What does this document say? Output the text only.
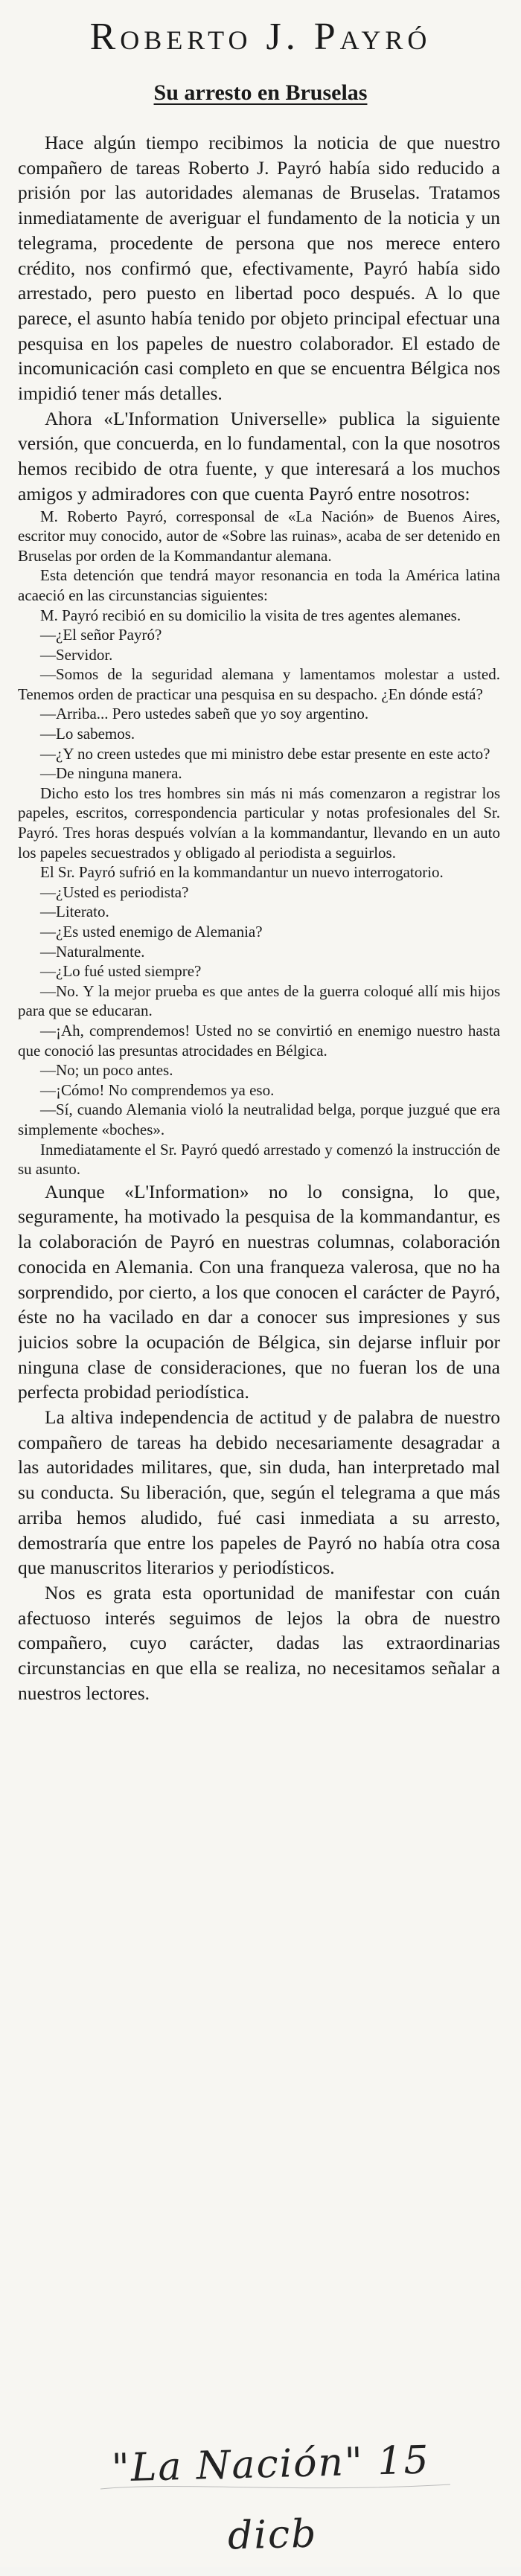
Roberto J. Payró
Su arresto en Bruselas

Hace algún tiempo recibimos la noticia de que nuestro compañero de tareas Roberto J. Payró había sido reducido a prisión por las autoridades alemanas de Bruselas. Tratamos inmediatamente de averiguar el fundamento de la noticia y un telegrama, procedente de persona que nos merece entero crédito, nos confirmó que, efectivamente, Payró había sido arrestado, pero puesto en libertad poco después. A lo que parece, el asunto había tenido por objeto principal efectuar una pesquisa en los papeles de nuestro colaborador. El estado de incomunicación casi completo en que se encuentra Bélgica nos impidió tener más detalles.

Ahora «L'Information Universelle» publica la siguiente versión, que concuerda, en lo fundamental, con la que nosotros hemos recibido de otra fuente, y que interesará a los muchos amigos y admiradores con que cuenta Payró entre nosotros:

M. Roberto Payró, corresponsal de «La Nación» de Buenos Aires, escritor muy conocido, autor de «Sobre las ruinas», acaba de ser detenido en Bruselas por orden de la Kommandantur alemana.

Esta detención que tendrá mayor resonancia en toda la América latina acaeció en las circunstancias siguientes:

M. Payró recibió en su domicilio la visita de tres agentes alemanes.

—¿El señor Payró?

—Servidor.

—Somos de la seguridad alemana y lamentamos molestar a usted. Tenemos orden de practicar una pesquisa en su despacho. ¿En dónde está?

—Arriba... Pero ustedes sabeñ que yo soy argentino.

—Lo sabemos.

—¿Y no creen ustedes que mi ministro debe estar presente en este acto?

—De ninguna manera.

Dicho esto los tres hombres sin más ni más comenzaron a registrar los papeles, escritos, correspondencia particular y notas profesionales del Sr. Payró. Tres horas después volvían a la kommandantur, llevando en un auto los papeles secuestrados y obligado al periodista a seguirlos.

El Sr. Payró sufrió en la kommandantur un nuevo interrogatorio.

—¿Usted es periodista?

—Literato.

—¿Es usted enemigo de Alemania?

—Naturalmente.

—¿Lo fué usted siempre?

—No. Y la mejor prueba es que antes de la guerra coloqué allí mis hijos para que se educaran.

—¡Ah, comprendemos! Usted no se convirtió en enemigo nuestro hasta que conoció las presuntas atrocidades en Bélgica.

—No; un poco antes.

—¡Cómo! No comprendemos ya eso.

—Sí, cuando Alemania violó la neutralidad belga, porque juzgué que era simplemente «boches».

Inmediatamente el Sr. Payró quedó arrestado y comenzó la instrucción de su asunto.

Aunque «L'Information» no lo consigna, lo que, seguramente, ha motivado la pesquisa de la kommandantur, es la colaboración de Payró en nuestras columnas, colaboración conocida en Alemania. Con una franqueza valerosa, que no ha sorprendido, por cierto, a los que conocen el carácter de Payró, éste no ha vacilado en dar a conocer sus impresiones y sus juicios sobre la ocupación de Bélgica, sin dejarse influir por ninguna clase de consideraciones, que no fueran los de una perfecta probidad periodística.

La altiva independencia de actitud y de palabra de nuestro compañero de tareas ha debido necesariamente desagradar a las autoridades militares, que, sin duda, han interpretado mal su conducta. Su liberación, que, según el telegrama a que más arriba hemos aludido, fué casi inmediata a su arresto, demostraría que entre los papeles de Payró no había otra cosa que manuscritos literarios y periodísticos.

Nos es grata esta oportunidad de manifestar con cuán afectuoso interés seguimos de lejos la obra de nuestro compañero, cuyo carácter, dadas las extraordinarias circunstancias en que ella se realiza, no necesitamos señalar a nuestros lectores.

"La Nación" 15 dicb
